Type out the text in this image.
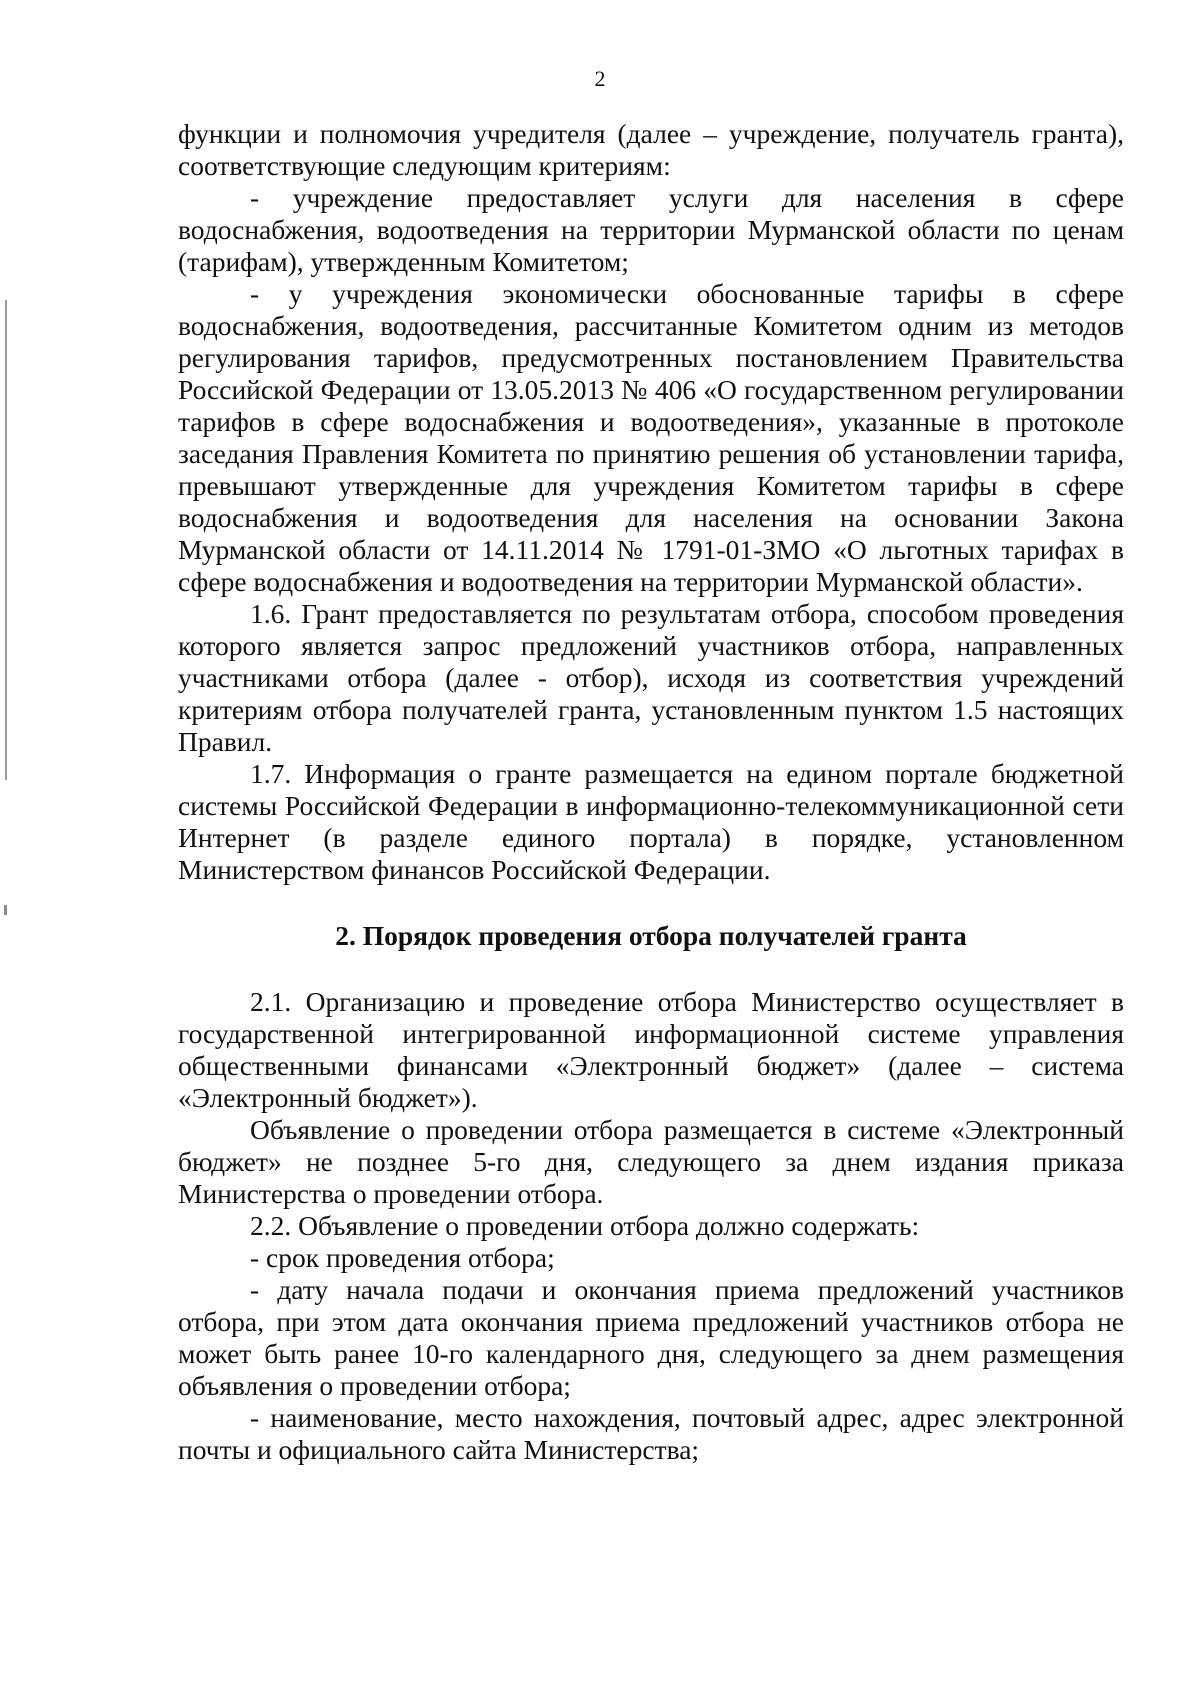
2

функции и полномочия учредителя (далее – учреждение, получатель гранта), соответствующие следующим критериям:

- учреждение предоставляет услуги для населения в сфере водоснабжения, водоотведения на территории Мурманской области по ценам (тарифам), утвержденным Комитетом;

- у учреждения экономически обоснованные тарифы в сфере водоснабжения, водоотведения, рассчитанные Комитетом одним из методов регулирования тарифов, предусмотренных постановлением Правительства Российской Федерации от 13.05.2013 № 406 «О государственном регулировании тарифов в сфере водоснабжения и водоотведения», указанные в протоколе заседания Правления Комитета по принятию решения об установлении тарифа, превышают утвержденные для учреждения Комитетом тарифы в сфере водоснабжения и водоотведения для населения на основании Закона Мурманской области от 14.11.2014 № 1791-01-ЗМО «О льготных тарифах в сфере водоснабжения и водоотведения на территории Мурманской области».

1.6. Грант предоставляется по результатам отбора, способом проведения которого является запрос предложений участников отбора, направленных участниками отбора (далее - отбор), исходя из соответствия учреждений критериям отбора получателей гранта, установленным пунктом 1.5 настоящих Правил.

1.7. Информация о гранте размещается на едином портале бюджетной системы Российской Федерации в информационно-телекоммуникационной сети Интернет (в разделе единого портала) в порядке, установленном Министерством финансов Российской Федерации.

2. Порядок проведения отбора получателей гранта

2.1. Организацию и проведение отбора Министерство осуществляет в государственной интегрированной информационной системе управления общественными финансами «Электронный бюджет» (далее – система «Электронный бюджет»).

Объявление о проведении отбора размещается в системе «Электронный бюджет» не позднее 5-го дня, следующего за днем издания приказа Министерства о проведении отбора.

2.2. Объявление о проведении отбора должно содержать:

- срок проведения отбора;

- дату начала подачи и окончания приема предложений участников отбора, при этом дата окончания приема предложений участников отбора не может быть ранее 10-го календарного дня, следующего за днем размещения объявления о проведении отбора;

- наименование, место нахождения, почтовый адрес, адрес электронной почты и официального сайта Министерства;
